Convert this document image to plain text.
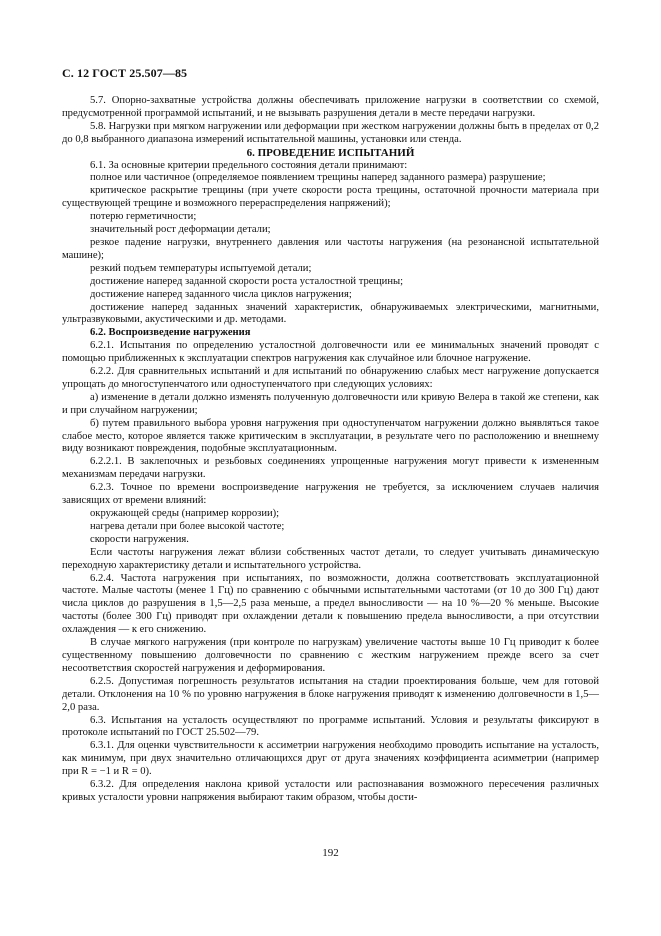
С. 12 ГОСТ 25.507—85

5.7. Опорно-захватные устройства должны обеспечивать приложение нагрузки в соответствии со схемой, предусмотренной программой испытаний, и не вызывать разрушения детали в месте передачи нагрузки.

5.8. Нагрузки при мягком нагружении или деформации при жестком нагружении должны быть в пределах от 0,2 до 0,8 выбранного диапазона измерений испытательной машины, установки или стенда.

6. ПРОВЕДЕНИЕ ИСПЫТАНИЙ

6.1. За основные критерии предельного состояния детали принимают:

полное или частичное (определяемое появлением трещины наперед заданного размера) разрушение;

критическое раскрытие трещины (при учете скорости роста трещины, остаточной прочности материала при существующей трещине и возможного перераспределения напряжений);

потерю герметичности;

значительный рост деформации детали;

резкое падение нагрузки, внутреннего давления или частоты нагружения (на резонансной испытательной машине);

резкий подъем температуры испытуемой детали;

достижение наперед заданной скорости роста усталостной трещины;

достижение наперед заданного числа циклов нагружения;

достижение наперед заданных значений характеристик, обнаруживаемых электрическими, магнитными, ультразвуковыми, акустическими и др. методами.

6.2. Воспроизведение нагружения

6.2.1. Испытания по определению усталостной долговечности или ее минимальных значений проводят с помощью приближенных к эксплуатации спектров нагружения как случайное или блочное нагружение.

6.2.2. Для сравнительных испытаний и для испытаний по обнаружению слабых мест нагружение допускается упрощать до многоступенчатого или одноступенчатого при следующих условиях:

а) изменение в детали должно изменять полученную долговечности или кривую Велера в такой же степени, как и при случайном нагружении;

б) путем правильного выбора уровня нагружения при одноступенчатом нагружении должно выявляться такое слабое место, которое является также критическим в эксплуатации, в результате чего по расположению и внешнему виду возникают повреждения, подобные эксплуатационным.

6.2.2.1. В заклепочных и резьбовых соединениях упрощенные нагружения могут привести к измененным механизмам передачи нагрузки.

6.2.3. Точное по времени воспроизведение нагружения не требуется, за исключением случаев наличия зависящих от времени влияний:

окружающей среды (например коррозии);

нагрева детали при более высокой частоте;

скорости нагружения.

Если частоты нагружения лежат вблизи собственных частот детали, то следует учитывать динамическую переходную характеристику детали и испытательного устройства.

6.2.4. Частота нагружения при испытаниях, по возможности, должна соответствовать эксплуатационной частоте. Малые частоты (менее 1 Гц) по сравнению с обычными испытательными частотами (от 10 до 300 Гц) дают числа циклов до разрушения в 1,5—2,5 раза меньше, а предел выносливости — на 10 %—20 % меньше. Высокие частоты (более 300 Гц) приводят при охлаждении детали к повышению предела выносливости, а при отсутствии охлаждения — к его снижению.

В случае мягкого нагружения (при контроле по нагрузкам) увеличение частоты выше 10 Гц приводит к более существенному повышению долговечности по сравнению с жестким нагружением прежде всего за счет несоответствия скоростей нагружения и деформирования.

6.2.5. Допустимая погрешность результатов испытания на стадии проектирования больше, чем для готовой детали. Отклонения на 10 % по уровню нагружения в блоке нагружения приводят к изменению долговечности в 1,5—2,0 раза.

6.3. Испытания на усталость осуществляют по программе испытаний. Условия и результаты фиксируют в протоколе испытаний по ГОСТ 25.502—79.

6.3.1. Для оценки чувствительности к ассиметрии нагружения необходимо проводить испытание на усталость, как минимум, при двух значительно отличающихся друг от друга значениях коэффициента асимметрии (например при R = −1 и R = 0).

6.3.2. Для определения наклона кривой усталости или распознавания возможного пересечения различных кривых усталости уровни напряжения выбирают таким образом, чтобы дости-

192
